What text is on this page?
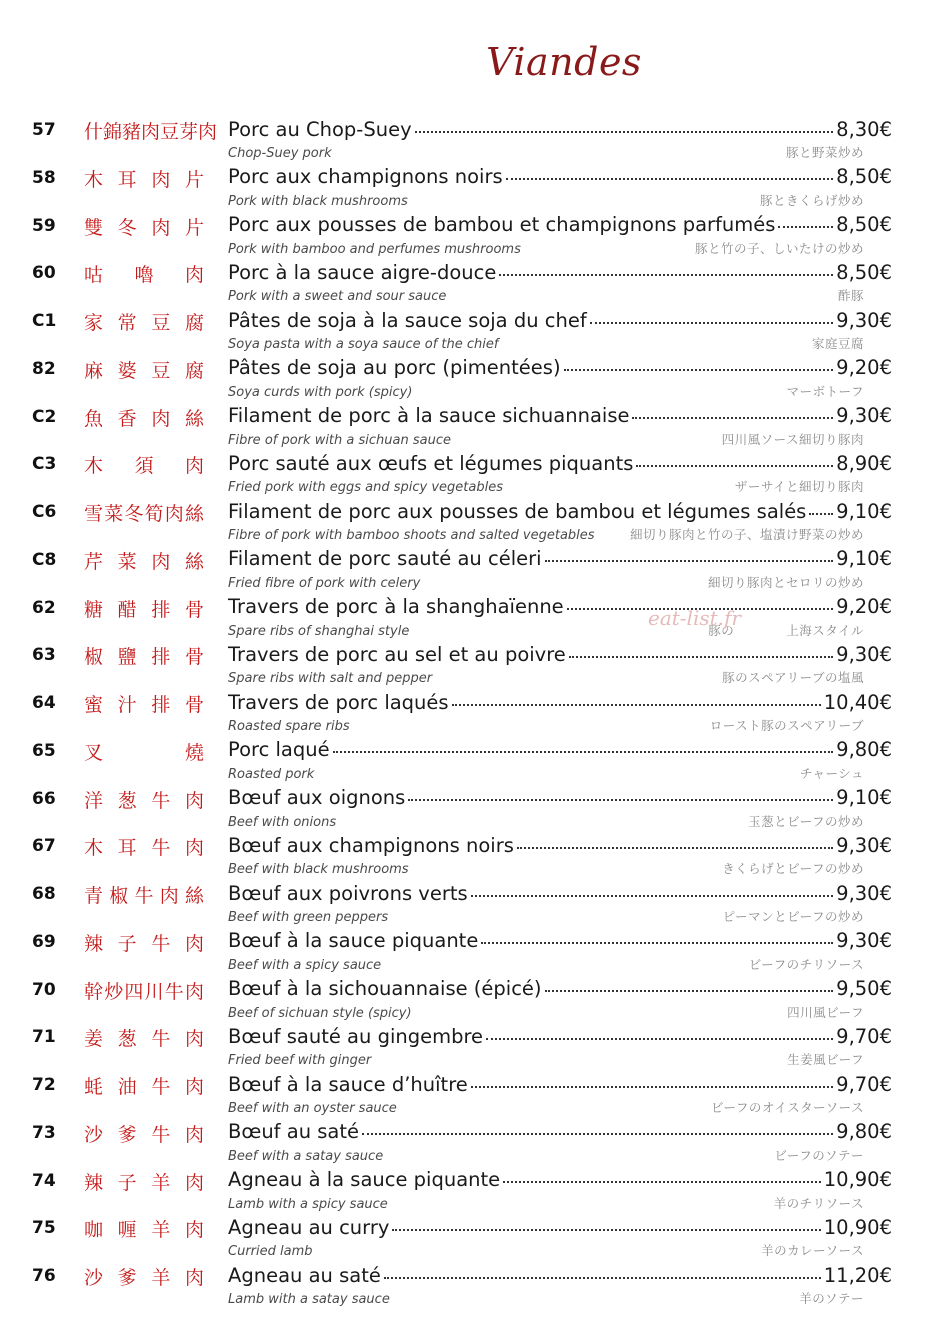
Viandes
57	什錦豬肉豆芽肉 Porc au Chop-Suey	8,30€
Chop-Suey pork	豚と野菜炒め
58	木耳肉片 Porc aux champignons noirs	8,50€
Pork with black mushrooms	豚ときくらげ炒め
59	雙冬肉片 Porc aux pousses de bambou et champignons parfumés	8,50€
Pork with bamboo and perfumes mushrooms	豚と竹の子、しいたけの炒め
60	咕嚕肉 Porc à la sauce aigre-douce	8,50€
Pork with a sweet and sour sauce	酢豚
C1	家常豆腐 Pâtes de soja à la sauce soja du chef	9,30€
Soya pasta with a soya sauce of the chief	家庭豆腐
82	麻婆豆腐 Pâtes de soja au porc (pimentées)	9,20€
Soya curds with pork (spicy)	マーボトーフ
C2	魚香肉絲 Filament de porc à la sauce sichuannaise	9,30€
Fibre of pork with a sichuan sauce	四川風ソース細切り豚肉
C3	木須肉 Porc sauté aux œufs et légumes piquants	8,90€
Fried pork with eggs and spicy vegetables	ザーサイと細切り豚肉
C6	雪菜冬筍肉絲 Filament de porc aux pousses de bambou et légumes salés 9,10€
Fibre of pork with bamboo shoots and salted vegetables	細切り豚肉と竹の子、塩漬け野菜の炒め
C8	芹菜肉絲 Filament de porc sauté au céleri	9,10€
Fried fibre of pork with celery	細切り豚肉とセロリの炒め
62	糖醋排骨 Travers de porc à la shanghaïenne	9,20€
Spare ribs of shanghai style	豚の　　　　上海スタイル
63	椒鹽排骨 Travers de porc au sel et au poivre	9,30€
Spare ribs with salt and pepper	豚のスペアリーブの塩風
64	蜜汁排骨 Travers de porc laqués	10,40€
Roasted spare ribs	ロースト豚のスペアリーブ
65	叉燒 Porc laqué	9,80€
Roasted pork	チャーシュ
66	洋葱牛肉 Bœuf aux oignons	9,10€
Beef with onions	玉葱とビーフの炒め
67	木耳牛肉 Bœuf aux champignons noirs	9,30€
Beef with black mushrooms	きくらげとビーフの炒め
68	青椒牛肉絲 Bœuf aux poivrons verts	9,30€
Beef with green peppers	ピーマンとビーフの炒め
69	辣子牛肉 Bœuf à la sauce piquante	9,30€
Beef with a spicy sauce	ビーフのチリソース
70	幹炒四川牛肉 Bœuf à la sichouannaise (épicé)	9,50€
Beef of sichuan style (spicy)	四川風ビーフ
71	姜葱牛肉 Bœuf sauté au gingembre	9,70€
Fried beef with ginger	生姜風ビーフ
72	蚝油牛肉 Bœuf à la sauce d’huître	9,70€
Beef with an oyster sauce	ビーフのオイスターソース
73	沙爹牛肉 Bœuf au saté	9,80€
Beef with a satay sauce	ビーフのソテー
74	辣子羊肉 Agneau à la sauce piquante	10,90€
Lamb with a spicy sauce	羊のチリソース
75	咖喱羊肉 Agneau au curry	10,90€
Curried lamb	羊のカレーソース
76	沙爹羊肉 Agneau au saté	11,20€
Lamb with a satay sauce	羊のソテー
eat-list.fr
